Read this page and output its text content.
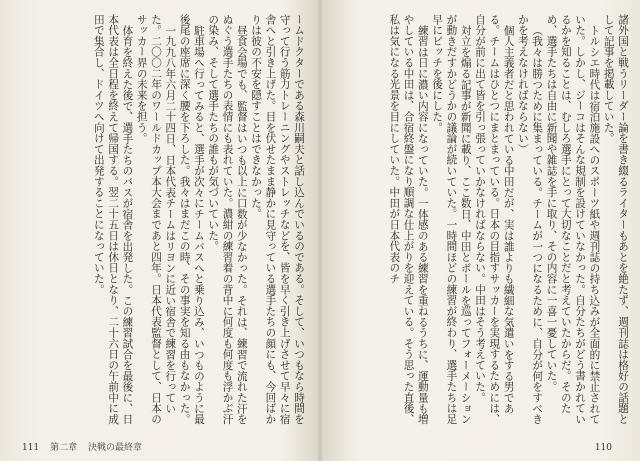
ームドクターである森川嗣夫と話し込んでいるのである。そして、いつもなら時間を守って行う筋力トレーニングやストレッチなどを、皆を早く引き上げさせて早々に宿舎へと引き上げた。目を伏せたまま静かに見守っている選手たちの顔にも、今回ばかりは彼の不安を隠すことはできなかった。

昼食会場でも、監督はいつも以上に口数が少なかった。それは、練習で流れた汗をぬぐう選手たちの表情にも表れていた。濃紺の練習着の背中に何度も何度も浮かぶ汗の染み、そして選手たちの誰もが気づいていた。

駐車場へ行ってみると、選手が次々にチームバスへと乗り込み、いつものように最後尾の座席に深く腰を下ろした。我々はまだこの時、その事実を知る由もなかった。

一九九八年六月二十四日、日本代表チームはリヨンに近い宿舎で練習を行っていた。二〇〇二年のワールドカップ本大会まであと四年。日本代表監督として、日本のサッカー界の未来を担う。

体育を終えた後で、選手たちのバスが宿舎を出発した。この練習試合を最後に、日本代表は全日程を終えて帰国する。翌二十五日は休日となり、二十六日の午前中に成田で集合し、ドイツへ向けて出発することになっていた。

111 第二章 決戦の最終章

諸外国と戦うリーダー論を書き綴るライターもあとを絶たず、週刊誌は格好の話題として記事を掲載していた。

トルシエ時代は宿泊施設へのスポーツ紙や週刊誌の持ち込みが全面的に禁止されていた。しかし、ジーコはそんな規制を設けていなかった。自分たちがどう書かれているかを知ることは、むしろ選手にとって大切なことだと考えていたからだ。そのため、選手たちは自由に新聞や雑誌を手に取り、その内容に一喜一憂していた。

（我々は勝つために集まっている。チームが一つになるために、自分が何をすべきかを考えなければならない）

個人主義者だと思われている中田だが、実は誰よりも繊細な気遣いをする男である。チームはひとつにまとまっている。日本の目指すサッカーを実現するためには、自分が前に出て皆を引っ張っていかなければならない。中田はそう考えていた。

対立を煽る記事が新聞に載り、ここ数日、中田とボールを巡ってフォーメーションが動きだすかどうかの議論が続いていた。一時間ほどの練習が終わり、選手たちは足早にピッチを後にした。

練習は日に濃い内容になっていた。一体感のある練習を重ねるうちに、運動量も増やしている中田は、合宿終盤になり順調な仕上がりを迎えている。そう思った直後、私は気になる光景を目にしていた。中田が日本代表のチ

110
